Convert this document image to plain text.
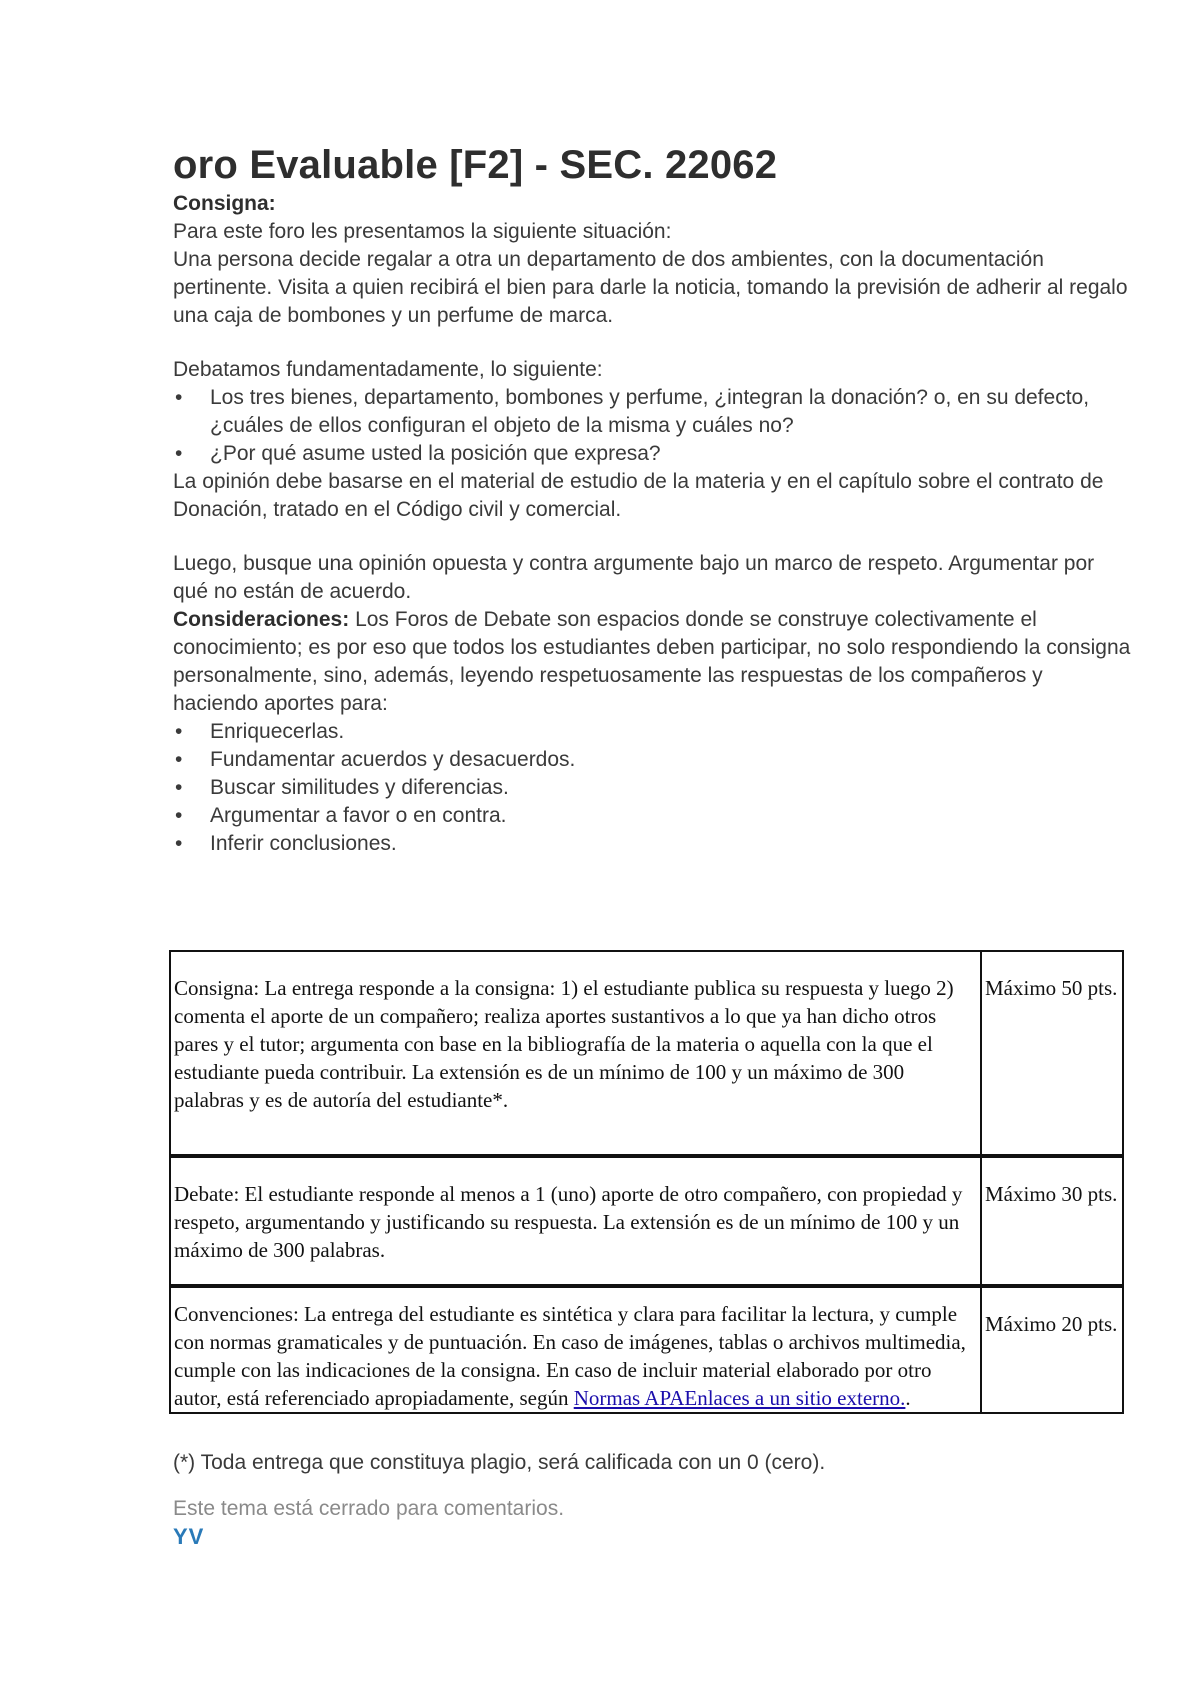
oro Evaluable [F2] - SEC. 22062

Consigna:

Para este foro les presentamos la siguiente situación:

Una persona decide regalar a otra un departamento de dos ambientes, con la documentación pertinente. Visita a quien recibirá el bien para darle la noticia, tomando la previsión de adherir al regalo una caja de bombones y un perfume de marca.

Debatamos fundamentadamente, lo siguiente:

• Los tres bienes, departamento, bombones y perfume, ¿integran la donación? o, en su defecto, ¿cuáles de ellos configuran el objeto de la misma y cuáles no?
• ¿Por qué asume usted la posición que expresa?

La opinión debe basarse en el material de estudio de la materia y en el capítulo sobre el contrato de Donación, tratado en el Código civil y comercial.

Luego, busque una opinión opuesta y contra argumente bajo un marco de respeto. Argumentar por qué no están de acuerdo.

Consideraciones: Los Foros de Debate son espacios donde se construye colectivamente el conocimiento; es por eso que todos los estudiantes deben participar, no solo respondiendo la consigna personalmente, sino, además, leyendo respetuosamente las respuestas de los compañeros y haciendo aportes para:

• Enriquecerlas.
• Fundamentar acuerdos y desacuerdos.
• Buscar similitudes y diferencias.
• Argumentar a favor o en contra.
• Inferir conclusiones.
Consigna: La entrega responde a la consigna: 1) el estudiante publica su respuesta y luego 2) comenta el aporte de un compañero; realiza aportes sustantivos a lo que ya han dicho otros pares y el tutor; argumenta con base en la bibliografía de la materia o aquella con la que el estudiante pueda contribuir. La extensión es de un mínimo de 100 y un máximo de 300 palabras y es de autoría del estudiante*.	Máximo 50 pts.
Debate: El estudiante responde al menos a 1 (uno) aporte de otro compañero, con propiedad y respeto, argumentando y justificando su respuesta. La extensión es de un mínimo de 100 y un máximo de 300 palabras.	Máximo 30 pts.
Convenciones: La entrega del estudiante es sintética y clara para facilitar la lectura, y cumple con normas gramaticales y de puntuación. En caso de imágenes, tablas o archivos multimedia, cumple con las indicaciones de la consigna. En caso de incluir material elaborado por otro autor, está referenciado apropiadamente, según Normas APAEnlaces a un sitio externo..	Máximo 20 pts.

(*) Toda entrega que constituya plagio, será calificada con un 0 (cero).

Este tema está cerrado para comentarios.

YV
